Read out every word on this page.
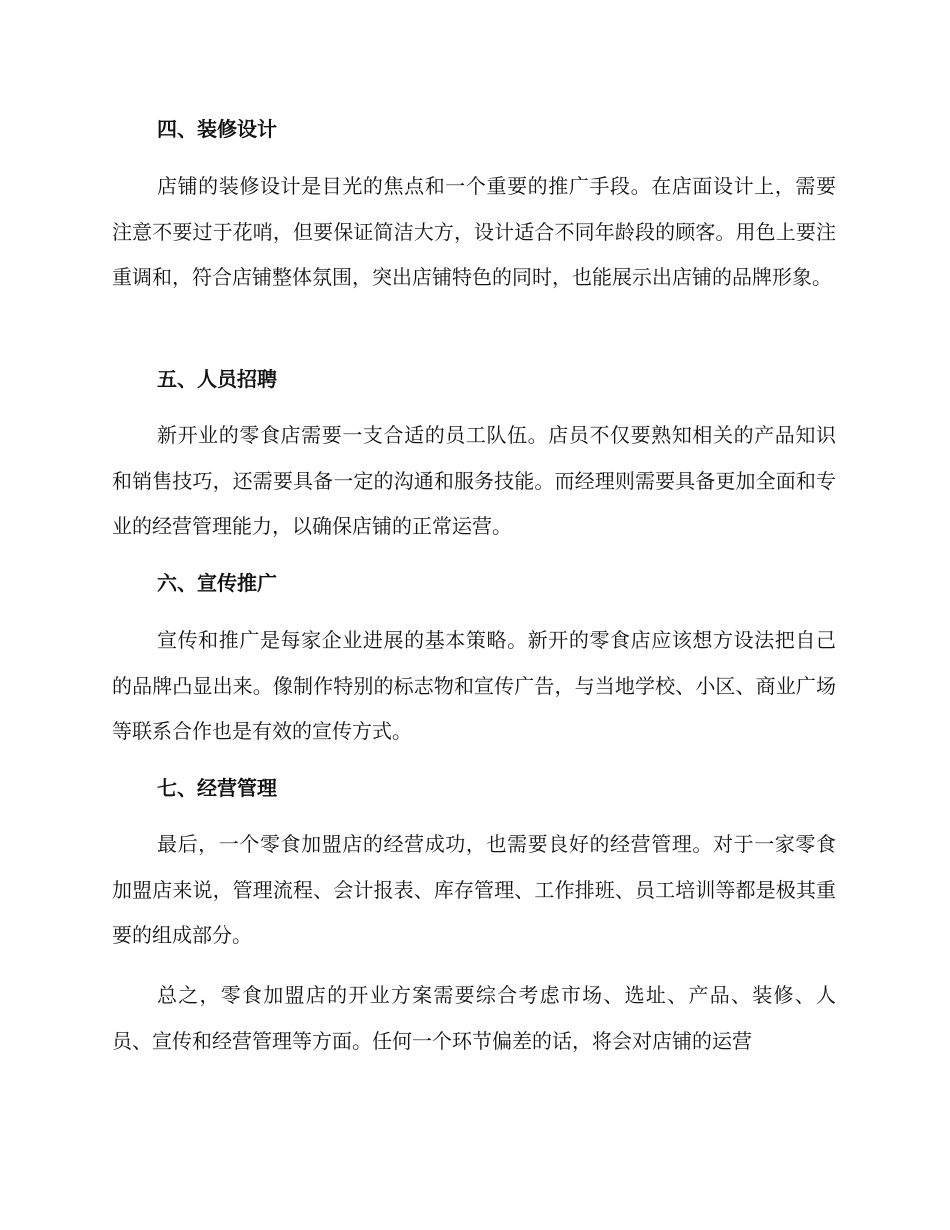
四、装修设计

店铺的装修设计是目光的焦点和一个重要的推广手段。在店面设计上，需要注意不要过于花哨，但要保证简洁大方，设计适合不同年龄段的顾客。用色上要注重调和，符合店铺整体氛围，突出店铺特色的同时，也能展示出店铺的品牌形象。

五、人员招聘

新开业的零食店需要一支合适的员工队伍。店员不仅要熟知相关的产品知识和销售技巧，还需要具备一定的沟通和服务技能。而经理则需要具备更加全面和专业的经营管理能力，以确保店铺的正常运营。

六、宣传推广

宣传和推广是每家企业进展的基本策略。新开的零食店应该想方设法把自己的品牌凸显出来。像制作特别的标志物和宣传广告，与当地学校、小区、商业广场等联系合作也是有效的宣传方式。

七、经营管理

最后，一个零食加盟店的经营成功，也需要良好的经营管理。对于一家零食加盟店来说，管理流程、会计报表、库存管理、工作排班、员工培训等都是极其重要的组成部分。

总之，零食加盟店的开业方案需要综合考虑市场、选址、产品、装修、人员、宣传和经营管理等方面。任何一个环节偏差的话，将会对店铺的运营
